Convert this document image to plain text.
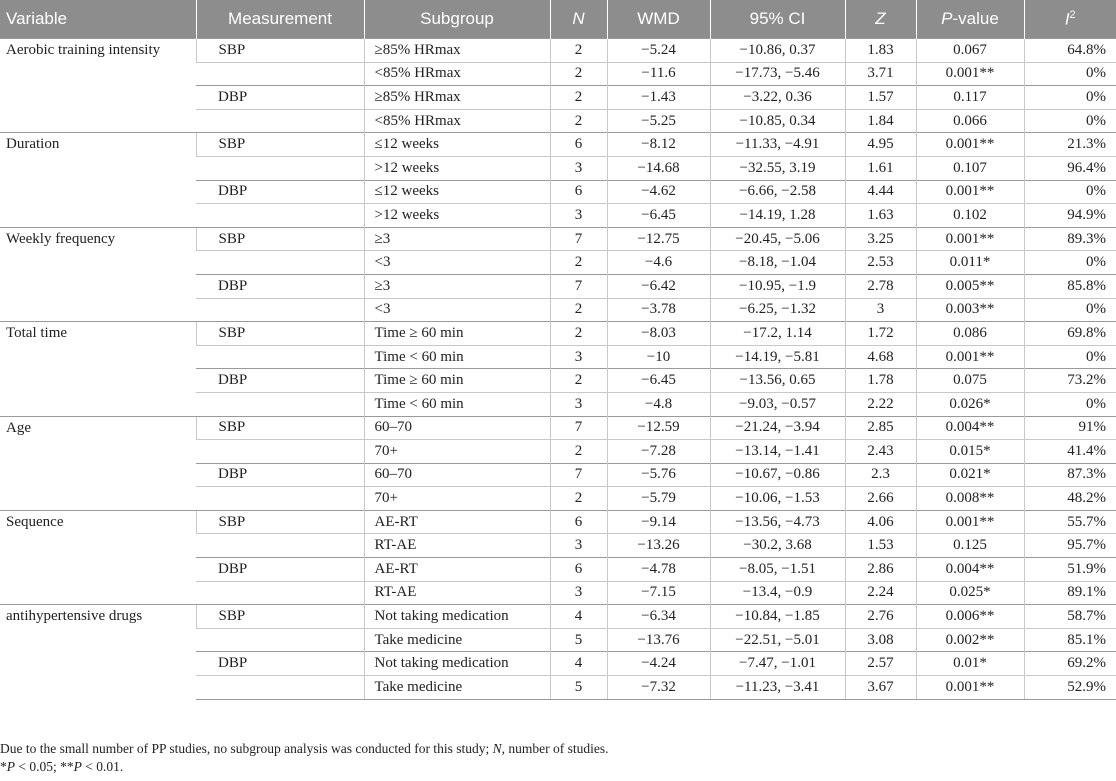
Variable	Measurement	Subgroup	N	WMD	95% CI	Z	P-value	$I^2$
Aerobic training intensity	SBP	≥85% HRmax	2	−5.24	−10.86, 0.37	1.83	0.067	64.8%
		<85% HRmax	2	−11.6	−17.73, −5.46	3.71	0.001**	0%
	DBP	≥85% HRmax	2	−1.43	−3.22, 0.36	1.57	0.117	0%
		<85% HRmax	2	−5.25	−10.85, 0.34	1.84	0.066	0%
Duration	SBP	≤12 weeks	6	−8.12	−11.33, −4.91	4.95	0.001**	21.3%
		>12 weeks	3	−14.68	−32.55, 3.19	1.61	0.107	96.4%
	DBP	≤12 weeks	6	−4.62	−6.66, −2.58	4.44	0.001**	0%
		>12 weeks	3	−6.45	−14.19, 1.28	1.63	0.102	94.9%
Weekly frequency	SBP	≥3	7	−12.75	−20.45, −5.06	3.25	0.001**	89.3%
		<3	2	−4.6	−8.18, −1.04	2.53	0.011*	0%
	DBP	≥3	7	−6.42	−10.95, −1.9	2.78	0.005**	85.8%
		<3	2	−3.78	−6.25, −1.32	3	0.003**	0%
Total time	SBP	Time ≥ 60 min	2	−8.03	−17.2, 1.14	1.72	0.086	69.8%
		Time < 60 min	3	−10	−14.19, −5.81	4.68	0.001**	0%
	DBP	Time ≥ 60 min	2	−6.45	−13.56, 0.65	1.78	0.075	73.2%
		Time < 60 min	3	−4.8	−9.03, −0.57	2.22	0.026*	0%
Age	SBP	60–70	7	−12.59	−21.24, −3.94	2.85	0.004**	91%
		70+	2	−7.28	−13.14, −1.41	2.43	0.015*	41.4%
	DBP	60–70	7	−5.76	−10.67, −0.86	2.3	0.021*	87.3%
		70+	2	−5.79	−10.06, −1.53	2.66	0.008**	48.2%
Sequence	SBP	AE-RT	6	−9.14	−13.56, −4.73	4.06	0.001**	55.7%
		RT-AE	3	−13.26	−30.2, 3.68	1.53	0.125	95.7%
	DBP	AE-RT	6	−4.78	−8.05, −1.51	2.86	0.004**	51.9%
		RT-AE	3	−7.15	−13.4, −0.9	2.24	0.025*	89.1%
antihypertensive drugs	SBP	Not taking medication	4	−6.34	−10.84, −1.85	2.76	0.006**	58.7%
		Take medicine	5	−13.76	−22.51, −5.01	3.08	0.002**	85.1%
	DBP	Not taking medication	4	−4.24	−7.47, −1.01	2.57	0.01*	69.2%
		Take medicine	5	−7.32	−11.23, −3.41	3.67	0.001**	52.9%
Due to the small number of PP studies, no subgroup analysis was conducted for this study; N, number of studies.
*P < 0.05; **P < 0.01.
